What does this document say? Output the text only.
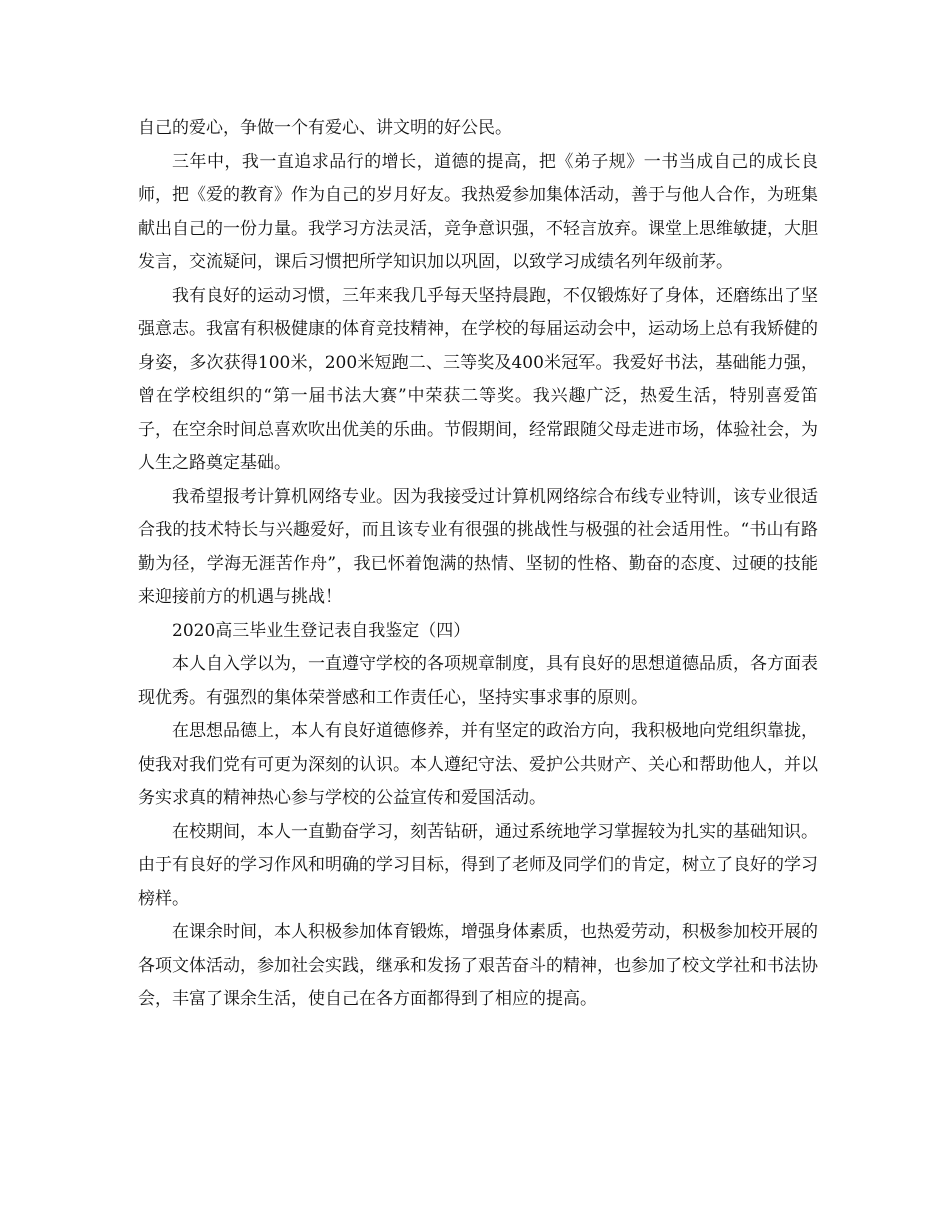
自己的爱心，争做一个有爱心、讲文明的好公民。

三年中，我一直追求品行的增长，道德的提高，把《弟子规》一书当成自己的成长良师，把《爱的教育》作为自己的岁月好友。我热爱参加集体活动，善于与他人合作，为班集献出自己的一份力量。我学习方法灵活，竞争意识强，不轻言放弃。课堂上思维敏捷，大胆发言，交流疑问，课后习惯把所学知识加以巩固，以致学习成绩名列年级前茅。

我有良好的运动习惯，三年来我几乎每天坚持晨跑，不仅锻炼好了身体，还磨练出了坚强意志。我富有积极健康的体育竞技精神，在学校的每届运动会中，运动场上总有我矫健的身姿，多次获得100米，200米短跑二、三等奖及400米冠军。我爱好书法，基础能力强，曾在学校组织的“第一届书法大赛”中荣获二等奖。我兴趣广泛，热爱生活，特别喜爱笛子，在空余时间总喜欢吹出优美的乐曲。节假期间，经常跟随父母走进市场，体验社会，为人生之路奠定基础。

我希望报考计算机网络专业。因为我接受过计算机网络综合布线专业特训，该专业很适合我的技术特长与兴趣爱好，而且该专业有很强的挑战性与极强的社会适用性。“书山有路勤为径，学海无涯苦作舟”，我已怀着饱满的热情、坚韧的性格、勤奋的态度、过硬的技能来迎接前方的机遇与挑战！

2020高三毕业生登记表自我鉴定（四）

本人自入学以为，一直遵守学校的各项规章制度，具有良好的思想道德品质，各方面表现优秀。有强烈的集体荣誉感和工作责任心，坚持实事求事的原则。

在思想品德上，本人有良好道德修养，并有坚定的政治方向，我积极地向党组织靠拢，使我对我们党有可更为深刻的认识。本人遵纪守法、爱护公共财产、关心和帮助他人，并以务实求真的精神热心参与学校的公益宣传和爱国活动。

在校期间，本人一直勤奋学习，刻苦钻研，通过系统地学习掌握较为扎实的基础知识。由于有良好的学习作风和明确的学习目标，得到了老师及同学们的肯定，树立了良好的学习榜样。

在课余时间，本人积极参加体育锻炼，增强身体素质，也热爱劳动，积极参加校开展的各项文体活动，参加社会实践，继承和发扬了艰苦奋斗的精神，也参加了校文学社和书法协会，丰富了课余生活，使自己在各方面都得到了相应的提高。
